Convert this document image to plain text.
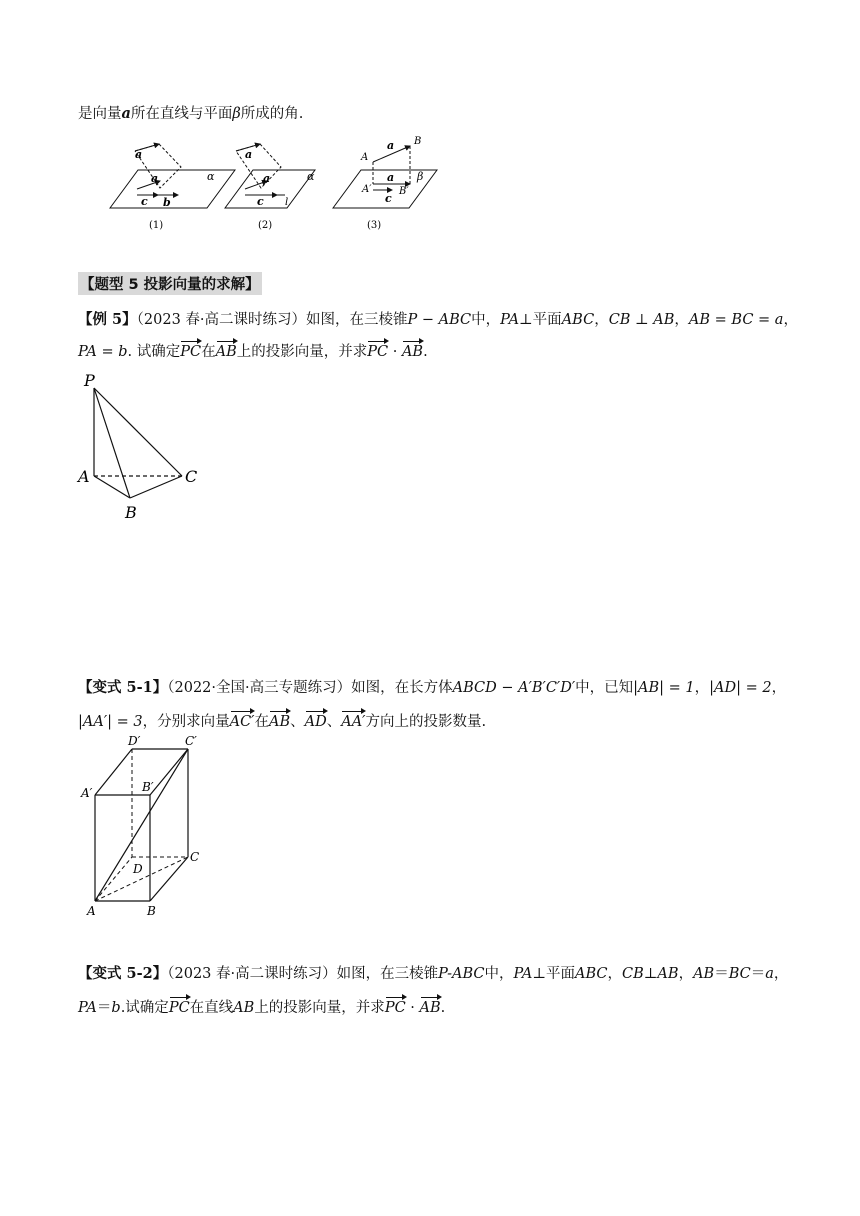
是向量a所在直线与平面β所成的角.
a
a
c b
α
(1)
a
a
c l
α
(2)
A
B
a
A′
a
c
B′
β
(3)
【题型 5 投影向量的求解】
【例 5】（2023 春·高二课时练习）如图，在三棱锥P − ABC中，PA⊥平面ABC，CB ⊥ AB，AB = BC = a，
PA = b. 试确定PC在AB上的投影向量，并求PC · AB.
P
A	C
B
【变式 5-1】（2022·全国·高三专题练习）如图，在长方体ABCD − A′B′C′D′中，已知|AB| = 1，|AD| = 2，
|AA′| = 3，分别求向量AC′在AB、AD、AA′方向上的投影数量.
D′	C′
A′	B′
D
C
A	B
【变式 5-2】（2023 春·高二课时练习）如图，在三棱锥P-ABC中，PA⊥平面ABC，CB⊥AB，AB＝BC＝a，
PA＝b.试确定PC在直线AB上的投影向量，并求PC · AB.
